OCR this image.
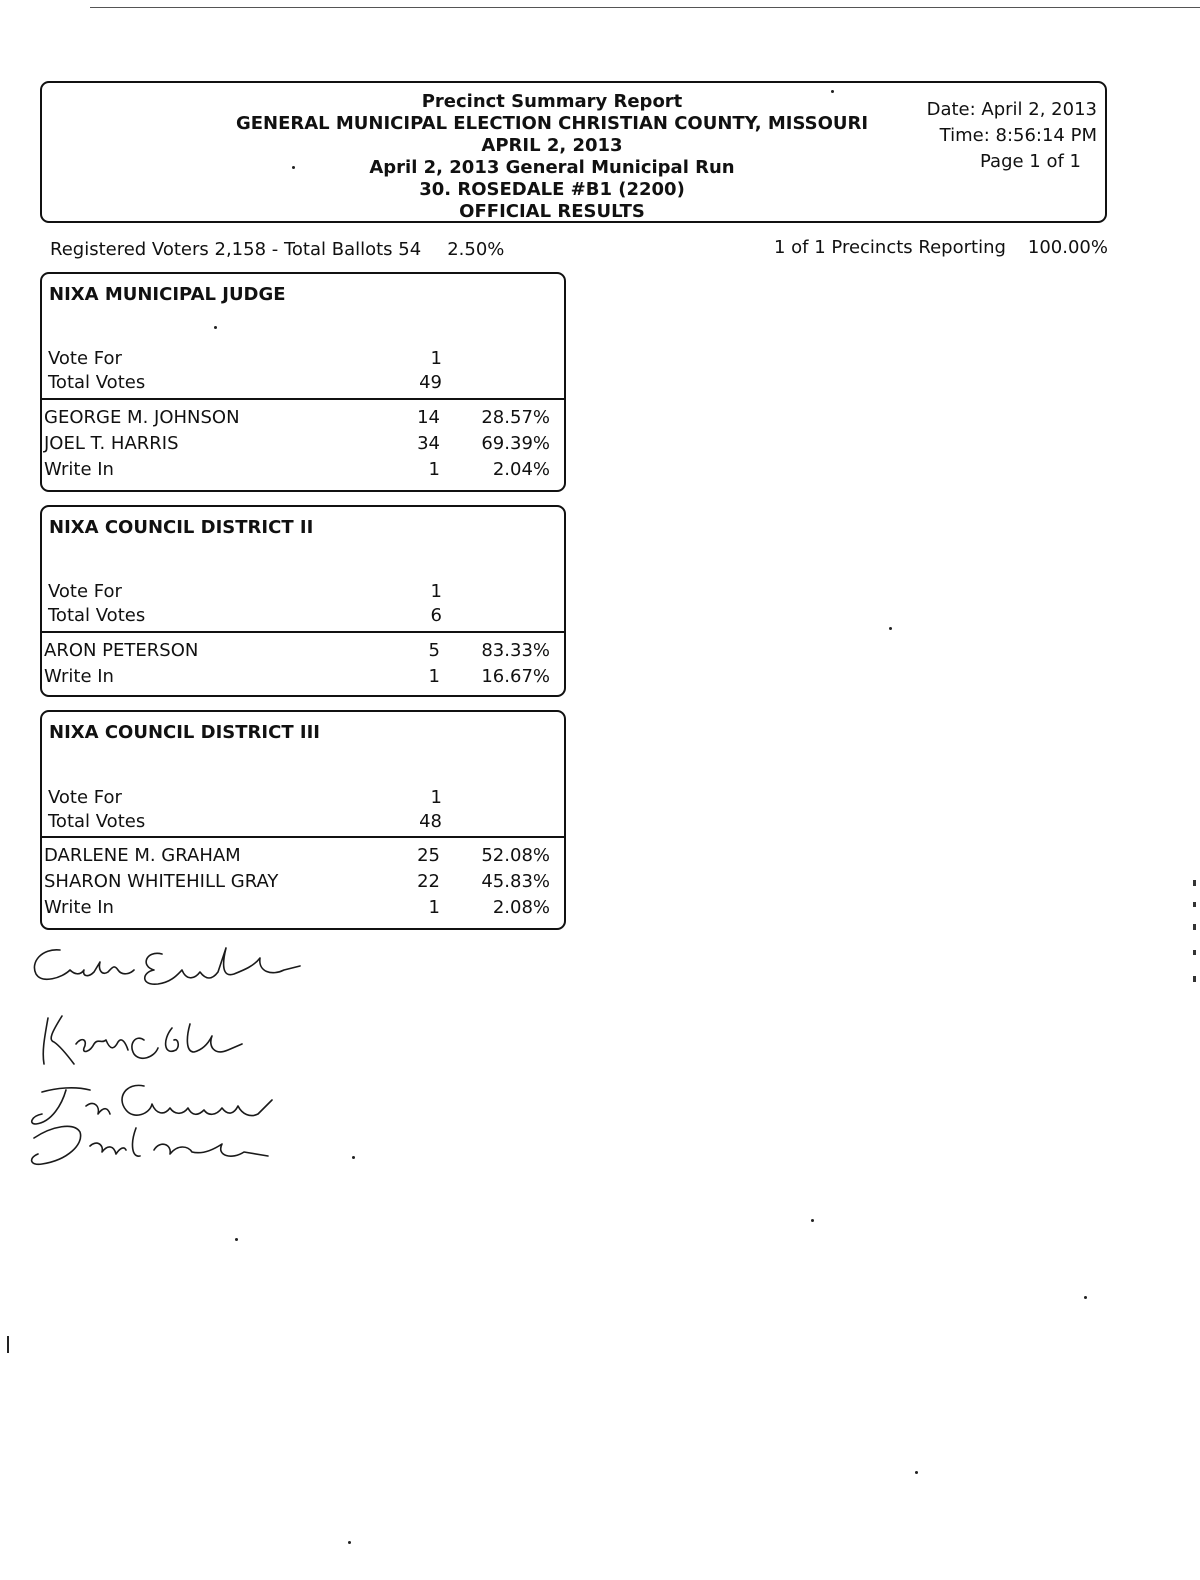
Precinct Summary Report
GENERAL MUNICIPAL ELECTION CHRISTIAN COUNTY, MISSOURI
APRIL 2, 2013
April 2, 2013 General Municipal Run
30. ROSEDALE #B1 (2200)
OFFICIAL RESULTS
Date: April 2, 2013
Time: 8:56:14 PM
Page 1 of 1
Registered Voters 2,158 - Total Ballots 54 2.50%	1 of 1 Precincts Reporting 100.00%
NIXA MUNICIPAL JUDGE
Vote For	1
Total Votes	49
GEORGE M. JOHNSON	14	28.57%
JOEL T. HARRIS	34	69.39%
Write In	1	2.04%
NIXA COUNCIL DISTRICT II
Vote For	1
Total Votes	6
ARON PETERSON	5	83.33%
Write In	1	16.67%
NIXA COUNCIL DISTRICT III
Vote For	1
Total Votes	48
DARLENE M. GRAHAM	25	52.08%
SHARON WHITEHILL GRAY	22	45.83%
Write In	1	2.08%
